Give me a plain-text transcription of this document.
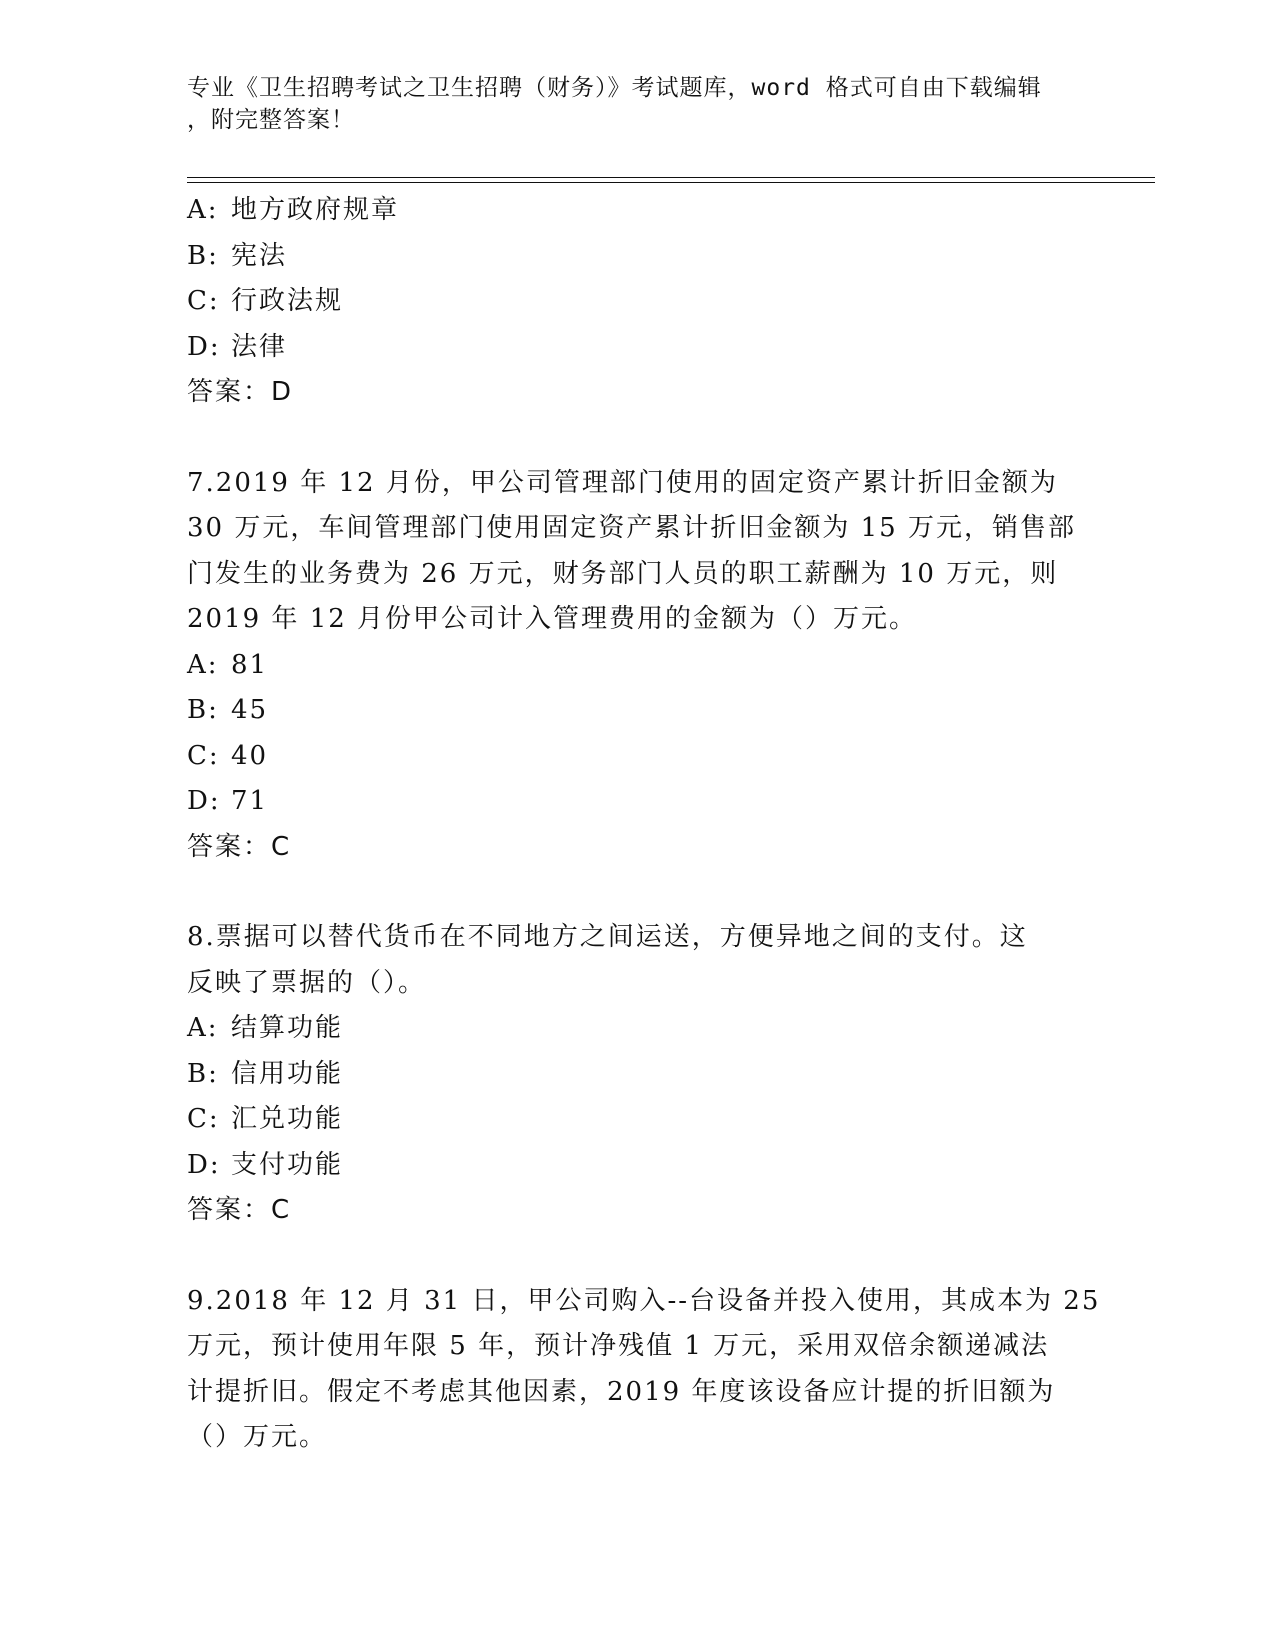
专业《卫生招聘考试之卫生招聘（财务）》考试题库，word 格式可自由下载编辑
，附完整答案！
A: 地方政府规章
B: 宪法
C: 行政法规
D: 法律
答案：D
7.2019 年 12 月份，甲公司管理部门使用的固定资产累计折旧金额为
30 万元，车间管理部门使用固定资产累计折旧金额为 15 万元，销售部
门发生的业务费为 26 万元，财务部门人员的职工薪酬为 10 万元，则
2019 年 12 月份甲公司计入管理费用的金额为（）万元。
A: 81
B: 45
C: 40
D: 71
答案：C
8.票据可以替代货币在不同地方之间运送，方便异地之间的支付。这
反映了票据的（）。
A: 结算功能
B: 信用功能
C: 汇兑功能
D: 支付功能
答案：C
9.2018 年 12 月 31 日，甲公司购入--台设备并投入使用，其成本为 25
万元，预计使用年限 5 年，预计净残值 1 万元，采用双倍余额递减法
计提折旧。假定不考虑其他因素，2019 年度该设备应计提的折旧额为
（）万元。
